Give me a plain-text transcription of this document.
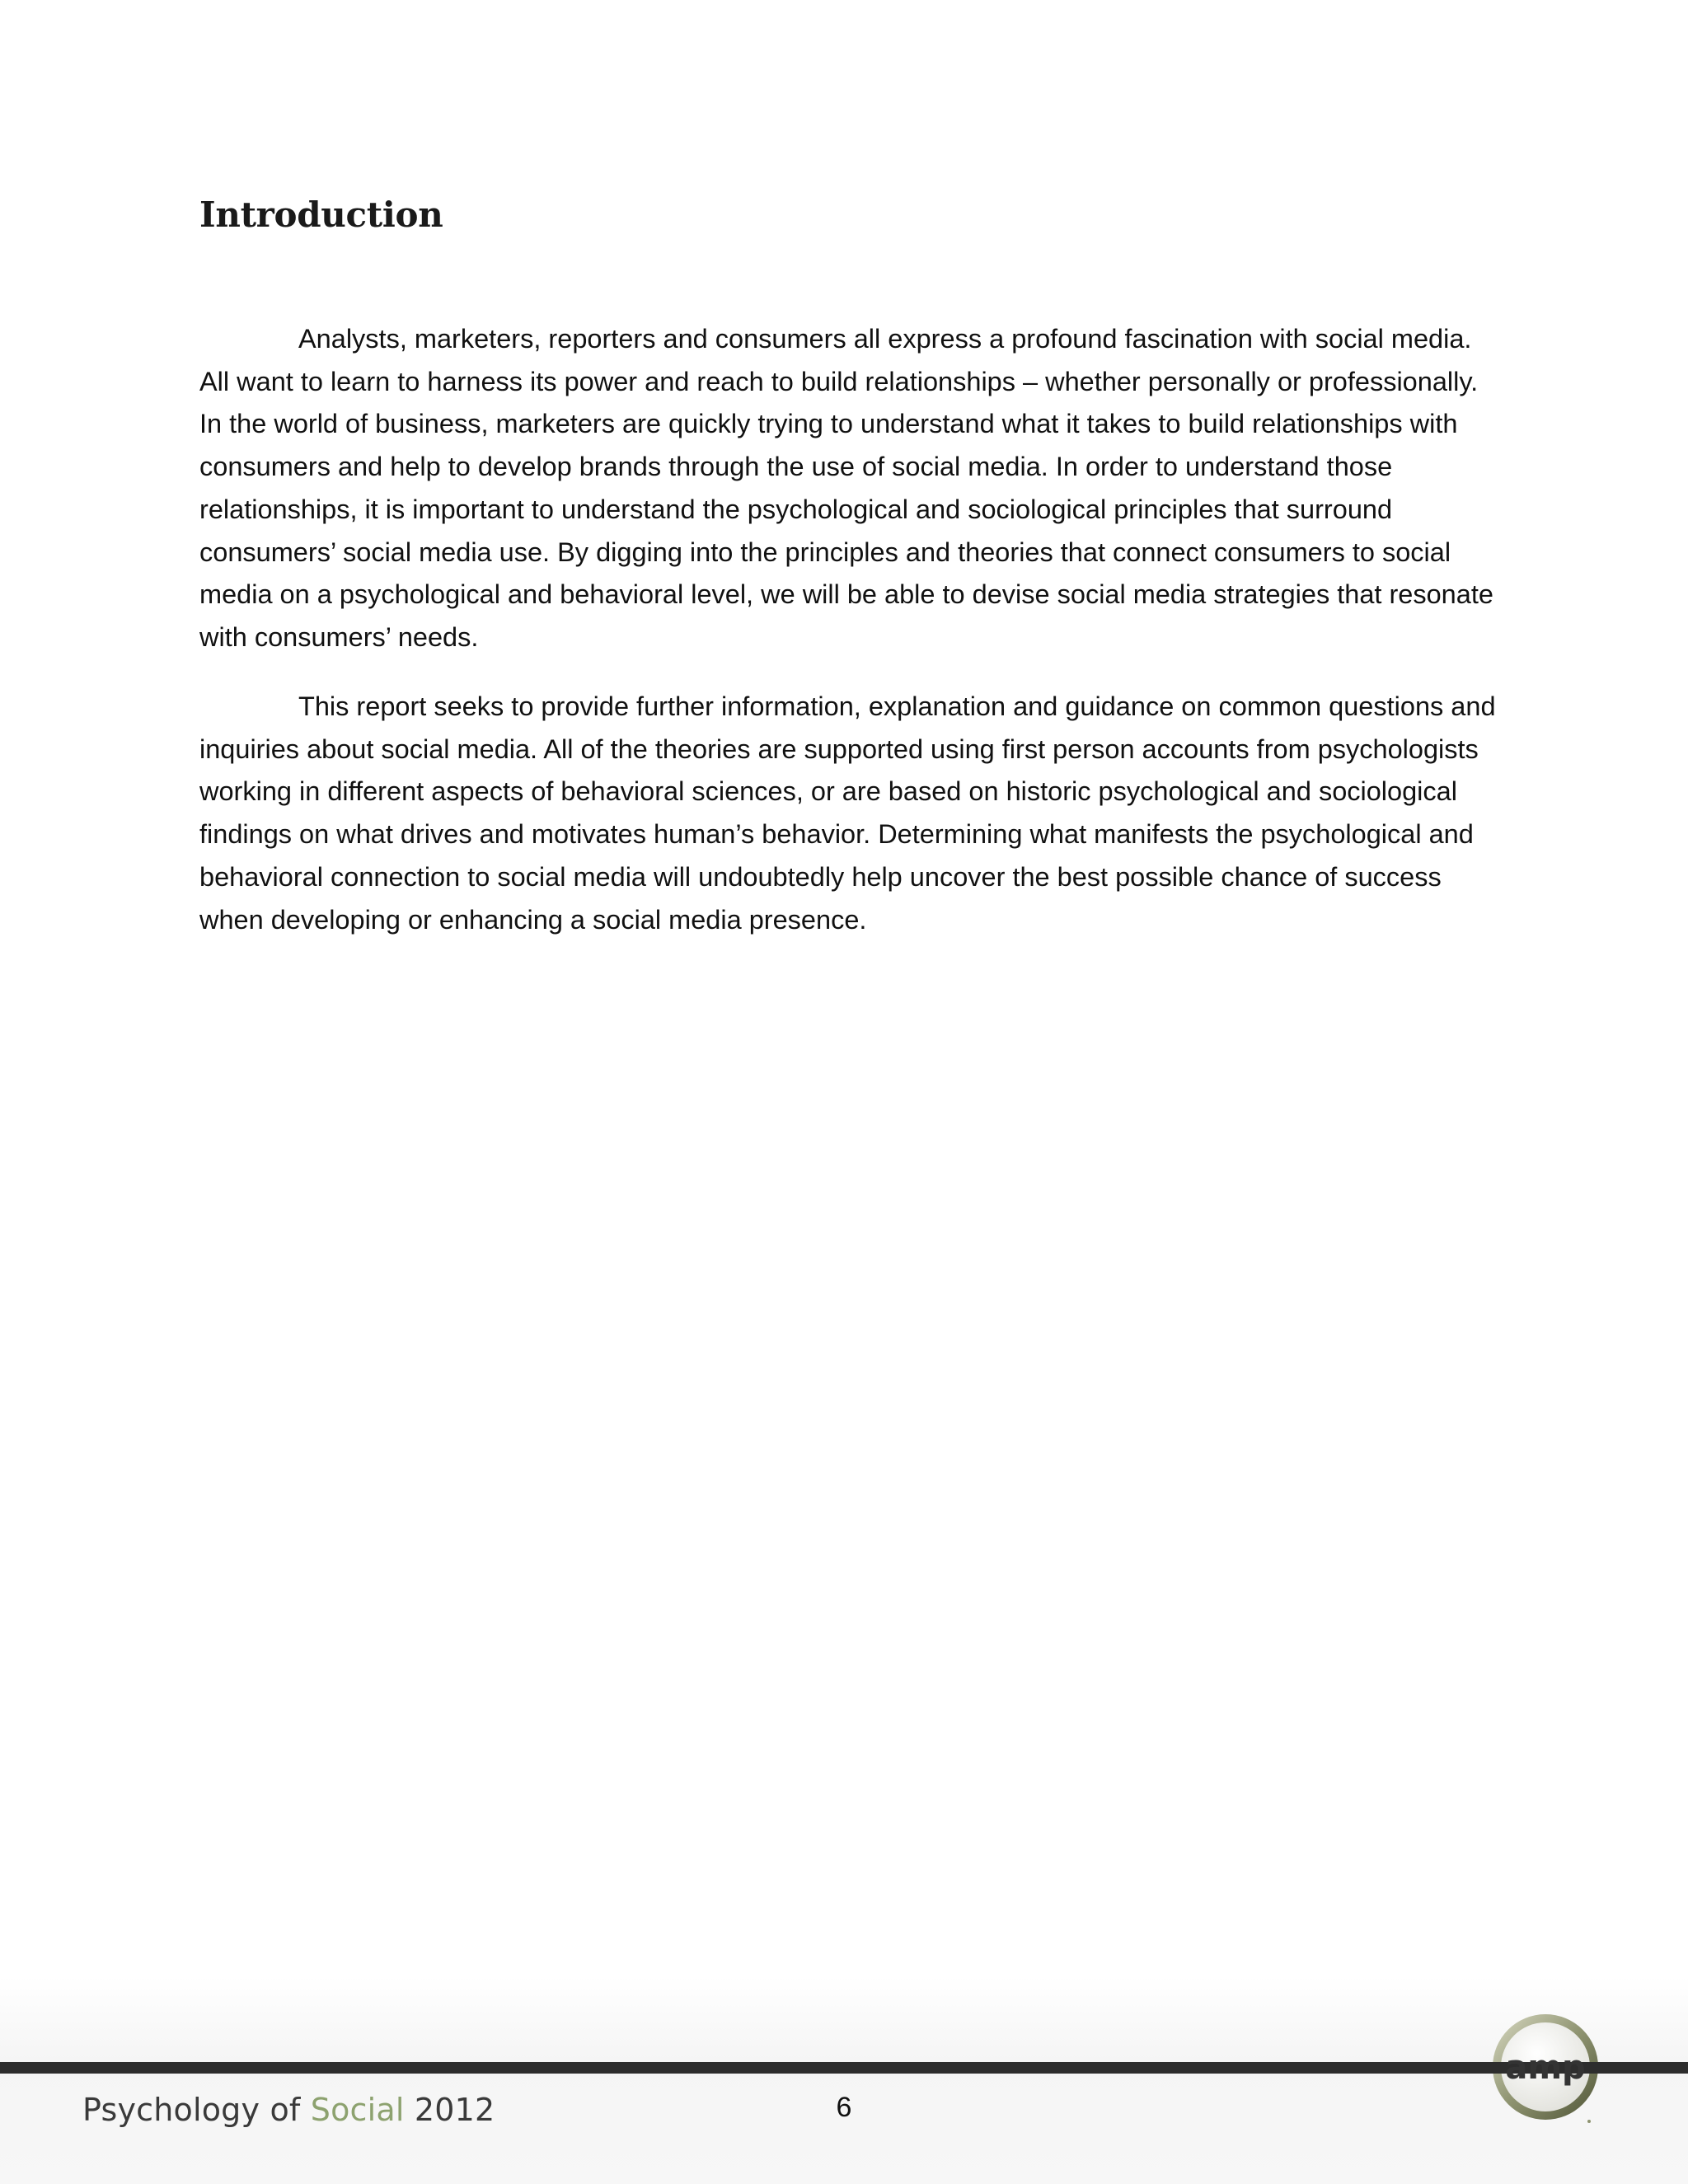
Introduction

Analysts, marketers, reporters and consumers all express a profound fascination with social media. All want to learn to harness its power and reach to build relationships – whether personally or professionally. In the world of business, marketers are quickly trying to understand what it takes to build relationships with consumers and help to develop brands through the use of social media. In order to understand those relationships, it is important to understand the psychological and sociological principles that surround consumers’ social media use. By digging into the principles and theories that connect consumers to social media on a psychological and behavioral level, we will be able to devise social media strategies that resonate with consumers’ needs.

This report seeks to provide further information, explanation and guidance on common questions and inquiries about social media. All of the theories are supported using first person accounts from psychologists working in different aspects of behavioral sciences, or are based on historic psychological and sociological findings on what drives and motivates human’s behavior. Determining what manifests the psychological and behavioral connection to social media will undoubtedly help uncover the best possible chance of success when developing or enhancing a social media presence.

Psychology of Social 2012	6
amp
